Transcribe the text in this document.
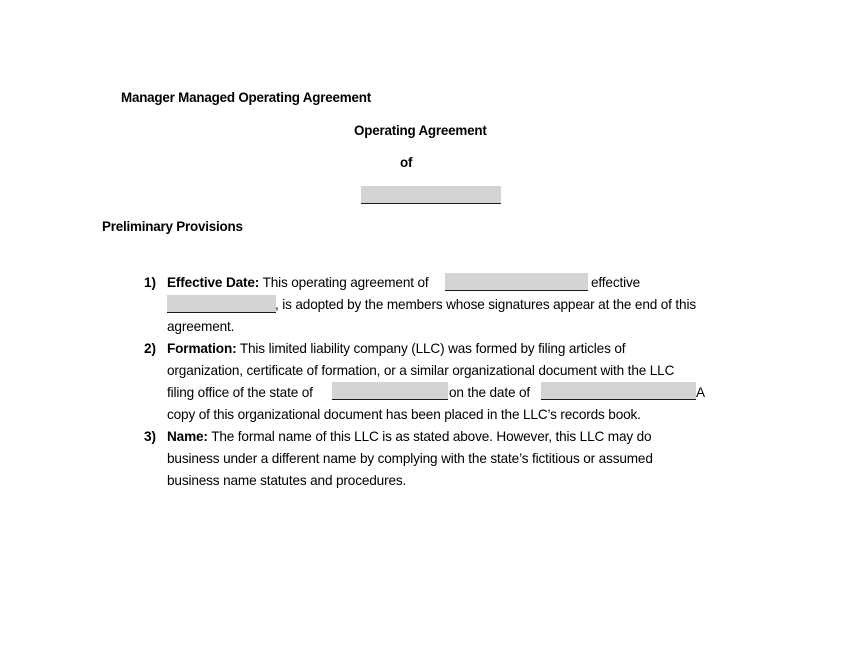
Manager Managed Operating Agreement
Operating Agreement
of
Preliminary Provisions
1) Effective Date: This operating agreement of	effective
, is adopted by the members whose signatures appear at the end of this
agreement.
2) Formation: This limited liability company (LLC) was formed by filing articles of
organization, certificate of formation, or a similar organizational document with the LLC
filing office of the state of	on the date of	A
copy of this organizational document has been placed in the LLC’s records book.
3) Name: The formal name of this LLC is as stated above. However, this LLC may do
business under a different name by complying with the state’s fictitious or assumed
business name statutes and procedures.
